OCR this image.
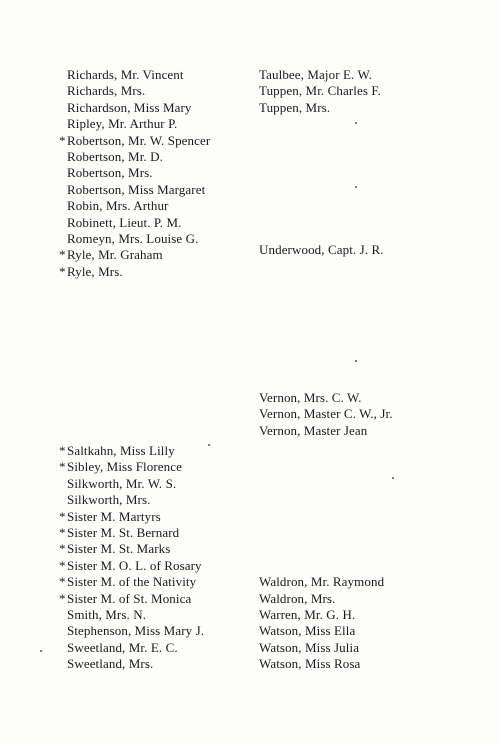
Richards, Mr. Vincent
Richards, Mrs.
Richardson, Miss Mary
Ripley, Mr. Arthur P.
*Robertson, Mr. W. Spencer
Robertson, Mr. D.
Robertson, Mrs.
Robertson, Miss Margaret
Robin, Mrs. Arthur
Robinett, Lieut. P. M.
Romeyn, Mrs. Louise G.
*Ryle, Mr. Graham
*Ryle, Mrs.
*Saltkahn, Miss Lilly
*Sibley, Miss Florence
Silkworth, Mr. W. S.
Silkworth, Mrs.
*Sister M. Martyrs
*Sister M. St. Bernard
*Sister M. St. Marks
*Sister M. O. L. of Rosary
*Sister M. of the Nativity
*Sister M. of St. Monica
Smith, Mrs. N.
Stephenson, Miss Mary J.
Sweetland, Mr. E. C.
Sweetland, Mrs.
Taulbee, Major E. W.
Tuppen, Mr. Charles F.
Tuppen, Mrs.
Underwood, Capt. J. R.
Vernon, Mrs. C. W.
Vernon, Master C. W., Jr.
Vernon, Master Jean
Waldron, Mr. Raymond
Waldron, Mrs.
Warren, Mr. G. H.
Watson, Miss Ella
Watson, Miss Julia
Watson, Miss Rosa
